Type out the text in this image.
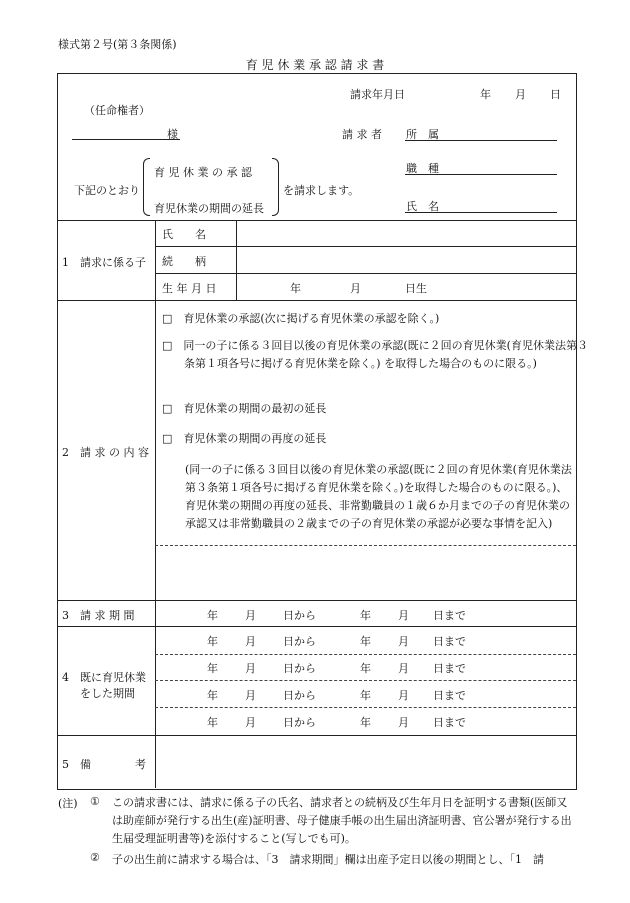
様式第２号(第３条関係)
育 児 休 業 承 認 請 求 書
請求年月日	年 月 日
（任命権者）
様	請 求 者 所　属
職　種
氏　名
下記のとおり
育 児 休 業 の 承 認
育児休業の期間の延長
を請求します。
1　請求に係る子
氏　　名
続　　柄
生 年 月 日	年	月	日生
2　請 求 の 内 容
□　育児休業の承認(次に掲げる育児休業の承認を除く。)
□　同一の子に係る３回目以後の育児休業の承認(既に２回の育児休業(育児休業法第３条第１項各号に掲げる育児休業を除く。) を取得した場合のものに限る。)
□　育児休業の期間の最初の延長
□　育児休業の期間の再度の延長
(同一の子に係る３回目以後の育児休業の承認(既に２回の育児休業(育児休業法第３条第１項各号に掲げる育児休業を除く。)を取得した場合のものに限る。)、育児休業の期間の再度の延長、非常勤職員の１歳６か月までの子の育児休業の承認又は非常勤職員の２歳までの子の育児休業の承認が必要な事情を記入)
3　請 求 期 間	年 月 日から	年 月 日まで
4　既に育児休業
をした期間
年 月 日から	年 月 日まで
年 月 日から	年 月 日まで
年 月 日から	年 月 日まで
年 月 日から	年 月 日まで
5　備　　　　考
(注) ① この請求書には、請求に係る子の氏名、請求者との続柄及び生年月日を証明する書類(医師又は助産師が発行する出生(産)証明書、母子健康手帳の出生届出済証明書、官公署が発行する出生届受理証明書等)を添付すること(写しでも可)。
② 子の出生前に請求する場合は、「3　請求期間」欄は出産予定日以後の期間とし、「1　請
